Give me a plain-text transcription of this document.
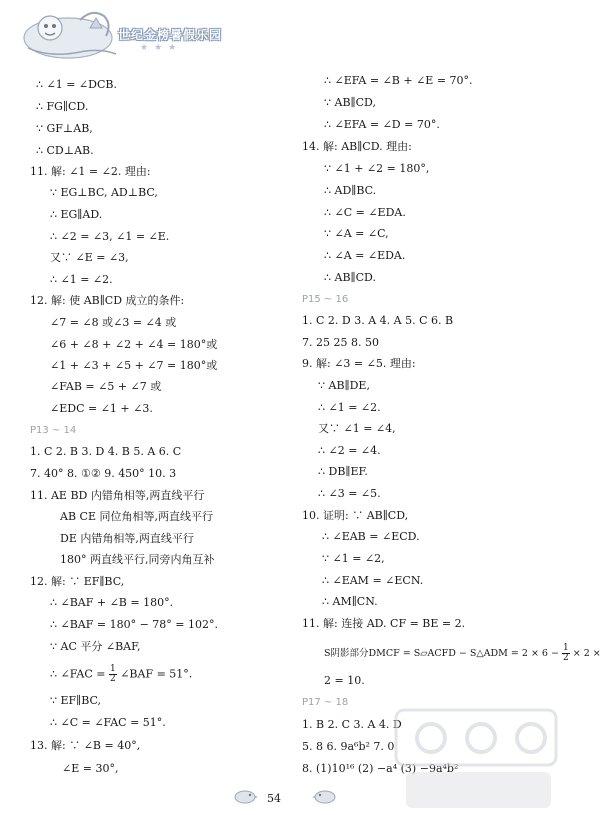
世纪金榜暑假乐园
★★★
∴ ∠1 = ∠DCB.
∴ FG∥CD.
∵ GF⊥AB,
∴ CD⊥AB.
11. 解: ∠1 = ∠2. 理由:
∵ EG⊥BC, AD⊥BC,
∴ EG∥AD.
∴ ∠2 = ∠3, ∠1 = ∠E.
又∵ ∠E = ∠3,
∴ ∠1 = ∠2.
12. 解: 使 AB∥CD 成立的条件:
∠7 = ∠8 或∠3 = ∠4 或
∠6 + ∠8 + ∠2 + ∠4 = 180°或
∠1 + ∠3 + ∠5 + ∠7 = 180°或
∠FAB = ∠5 + ∠7 或
∠EDC = ∠1 + ∠3.
P13 ~ 14
1. C 2. B 3. D 4. B 5. A 6. C
7. 40° 8. ①② 9. 450° 10. 3
11. AE BD 内错角相等,两直线平行
AB CE 同位角相等,两直线平行
DE 内错角相等,两直线平行
180° 两直线平行,同旁内角互补
12. 解: ∵ EF∥BC,
∴ ∠BAF + ∠B = 180°.
∴ ∠BAF = 180° − 78° = 102°.
∵ AC 平分 ∠BAF,
∴ ∠FAC = $\frac{1}{2}$ ∠BAF = 51°.
∵ EF∥BC,
∴ ∠C = ∠FAC = 51°.
13. 解: ∵ ∠B = 40°,
∠E = 30°,
∴ ∠EFA = ∠B + ∠E = 70°.
∵ AB∥CD,
∴ ∠EFA = ∠D = 70°.
14. 解: AB∥CD. 理由:
∵ ∠1 + ∠2 = 180°,
∴ AD∥BC.
∴ ∠C = ∠EDA.
∵ ∠A = ∠C,
∴ ∠A = ∠EDA.
∴ AB∥CD.
P15 ~ 16
1. C 2. D 3. A 4. A 5. C 6. B
7. 25 25 8. 50
9. 解: ∠3 = ∠5. 理由:
∵ AB∥DE,
∴ ∠1 = ∠2.
又∵ ∠1 = ∠4,
∴ ∠2 = ∠4.
∴ DB∥EF.
∴ ∠3 = ∠5.
10. 证明: ∵ AB∥CD,
∴ ∠EAB = ∠ECD.
∵ ∠1 = ∠2,
∴ ∠EAM = ∠ECN.
∴ AM∥CN.
11. 解: 连接 AD. CF = BE = 2.
S阴影部分DMCF = S▱ACFD − S△ADM = $2 \times 6 - \frac{1}{2} \times 2$ ×
2 = 10.
P17 ~ 18
1. B 2. C 3. A 4. D
5. 8 6. 9a⁶b² 7. 0
8. (1)10¹⁶ (2) −a⁴ (3) −9a⁴b²
54
